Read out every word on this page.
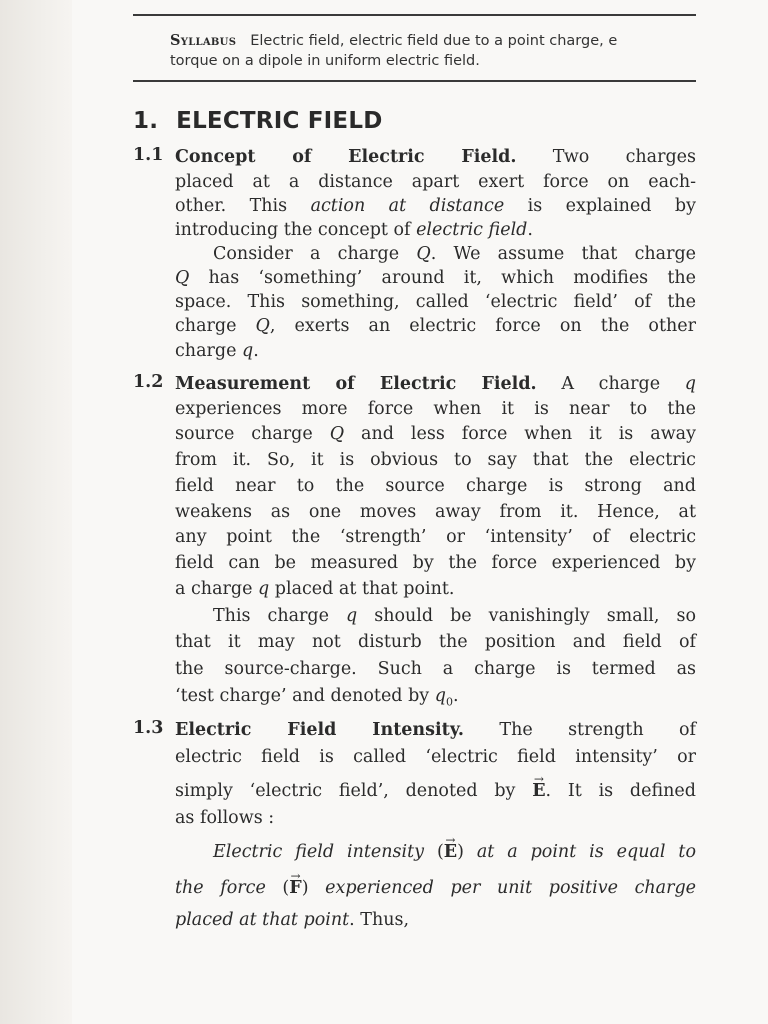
Syllabus Electric field, electric field due to a point charge, e
torque on a dipole in uniform electric field.
1. ELECTRIC FIELD
1.1 Concept of Electric Field. Two charges
placed at a distance apart exert force on each-
other. This action at distance is explained by
introducing the concept of electric field.
Consider a charge Q. We assume that charge
Q has ‘something’ around it, which modifies the
space. This something, called ‘electric field’ of the
charge Q, exerts an electric force on the other
charge q.
1.2 Measurement of Electric Field. A charge q
experiences more force when it is near to the
source charge Q and less force when it is away
from it. So, it is obvious to say that the electric
field near to the source charge is strong and
weakens as one moves away from it. Hence, at
any point the ‘strength’ or ‘intensity’ of electric
field can be measured by the force experienced by
a charge q placed at that point.
This charge q should be vanishingly small, so
that it may not disturb the position and field of
the source-charge. Such a charge is termed as
‘test charge’ and denoted by $q_0$.
1.3 Electric Field Intensity. The strength of
electric field is called ‘electric field intensity’ or
simply ‘electric field’, denoted by → E. It is defined
as follows :
Electric field intensity (→ E) at a point is equal to
the force (→ F) experienced per unit positive charge
placed at that point. Thus,
